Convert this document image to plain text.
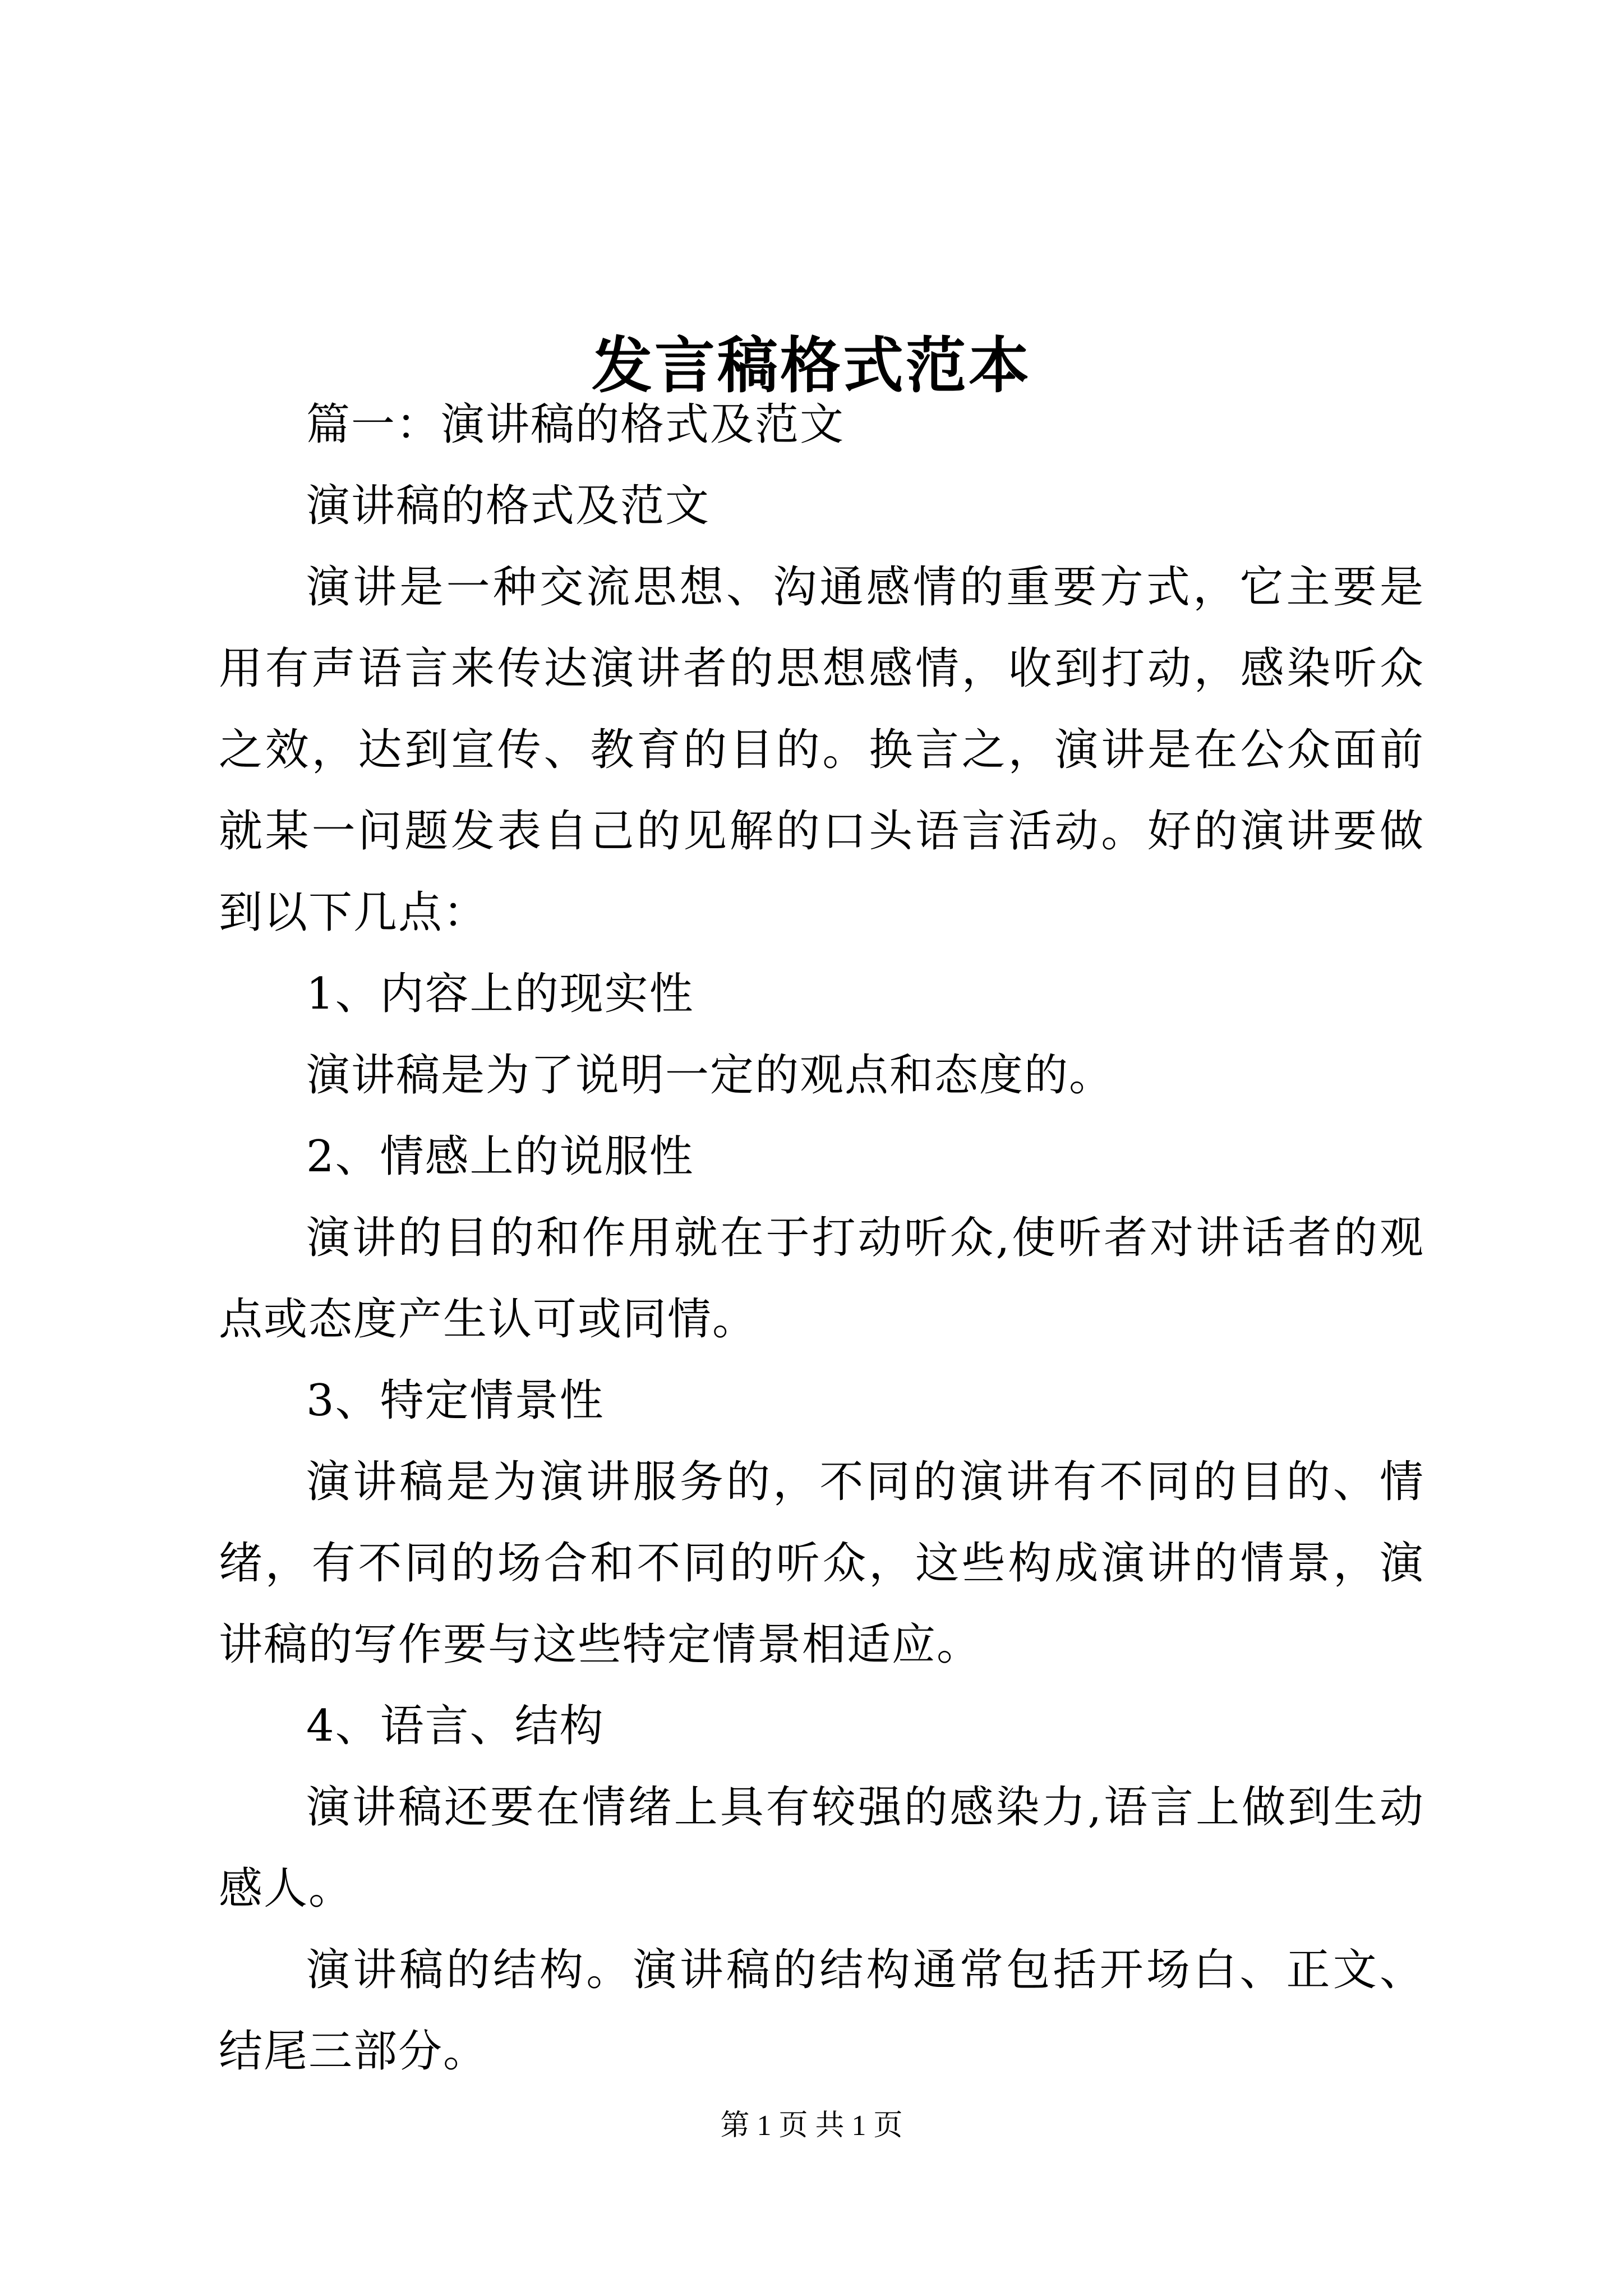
发言稿格式范本

篇一：演讲稿的格式及范文

演讲稿的格式及范文

演讲是一种交流思想、沟通感情的重要方式，它主要是用有声语言来传达演讲者的思想感情，收到打动，感染听众之效，达到宣传、教育的目的。换言之，演讲是在公众面前就某一问题发表自己的见解的口头语言活动。好的演讲要做到以下几点：

1、内容上的现实性

演讲稿是为了说明一定的观点和态度的。

2、情感上的说服性

演讲的目的和作用就在于打动听众,使听者对讲话者的观点或态度产生认可或同情。

3、特定情景性

演讲稿是为演讲服务的，不同的演讲有不同的目的、情绪，有不同的场合和不同的听众，这些构成演讲的情景，演讲稿的写作要与这些特定情景相适应。

4、语言、结构

演讲稿还要在情绪上具有较强的感染力,语言上做到生动感人。

演讲稿的结构。演讲稿的结构通常包括开场白、正文、结尾三部分。

第 1 页 共 1 页
